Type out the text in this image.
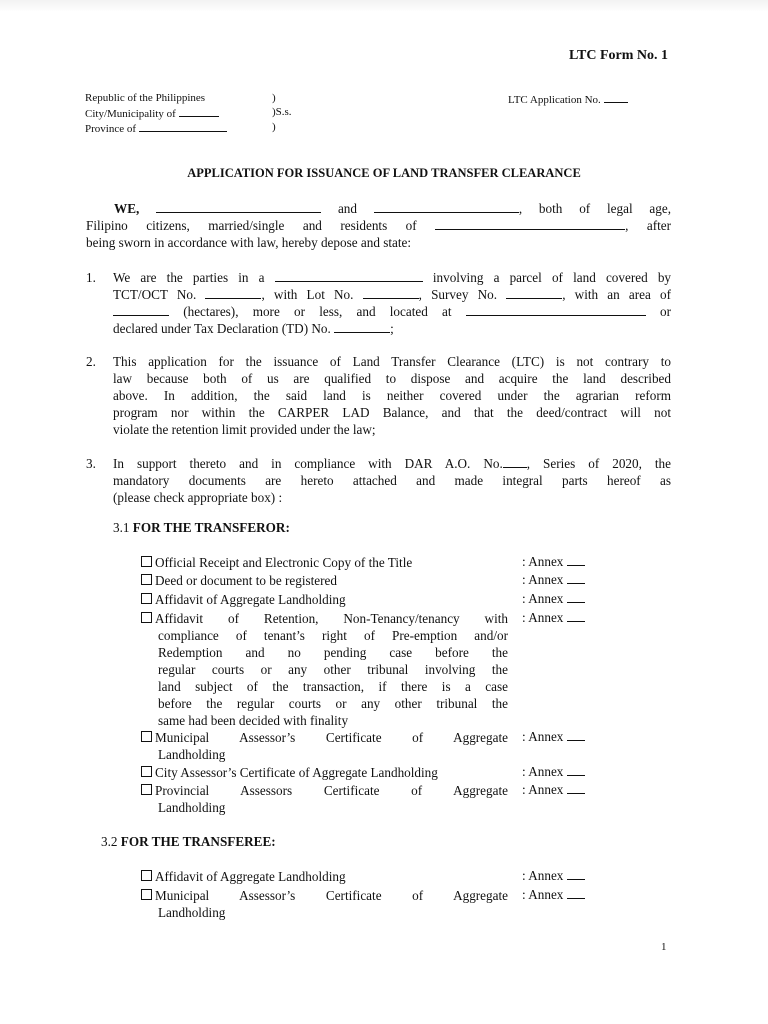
LTC Form No. 1
Republic of the Philippines
City/Municipality of
Province of
)
)S.s.
)
LTC Application No.
APPLICATION FOR ISSUANCE OF LAND TRANSFER CLEARANCE
WE,	and	, both of legal age,
Filipino citizens, married/single and residents of	, after
being sworn in accordance with law, hereby depose and state:
1. We are the parties in a	involving a parcel of land covered by
TCT/OCT No.	, with Lot No.	, Survey No.	, with an area of
(hectares), more or less, and located at	or
declared under Tax Declaration (TD) No.	;
2. This application for the issuance of Land Transfer Clearance (LTC) is not contrary to
law because both of us are qualified to dispose and acquire the land described
above. In addition, the said land is neither covered under the agrarian reform
program nor within the CARPER LAD Balance, and that the deed/contract will not
violate the retention limit provided under the law;
3. In support thereto and in compliance with DAR A.O. No. , Series of 2020, the
mandatory documents are hereto attached and made integral parts hereof as
(please check appropriate box) :
3.1 FOR THE TRANSFEROR:
Official Receipt and Electronic Copy of the Title	: Annex
Deed or document to be registered	: Annex
Affidavit of Aggregate Landholding	: Annex
Affidavit of Retention, Non-Tenancy/tenancy with
compliance of tenant’s right of Pre-emption and/or
Redemption and no pending case before the
regular courts or any other tribunal involving the
land subject of the transaction, if there is a case
before the regular courts or any other tribunal the
same had been decided with finality
: Annex
Municipal Assessor’s Certificate of Aggregate
Landholding
: Annex
City Assessor’s Certificate of Aggregate Landholding	: Annex
Provincial Assessors Certificate of Aggregate
Landholding
: Annex
3.2 FOR THE TRANSFEREE:
Affidavit of Aggregate Landholding	: Annex
Municipal Assessor’s Certificate of Aggregate
Landholding
: Annex
1
